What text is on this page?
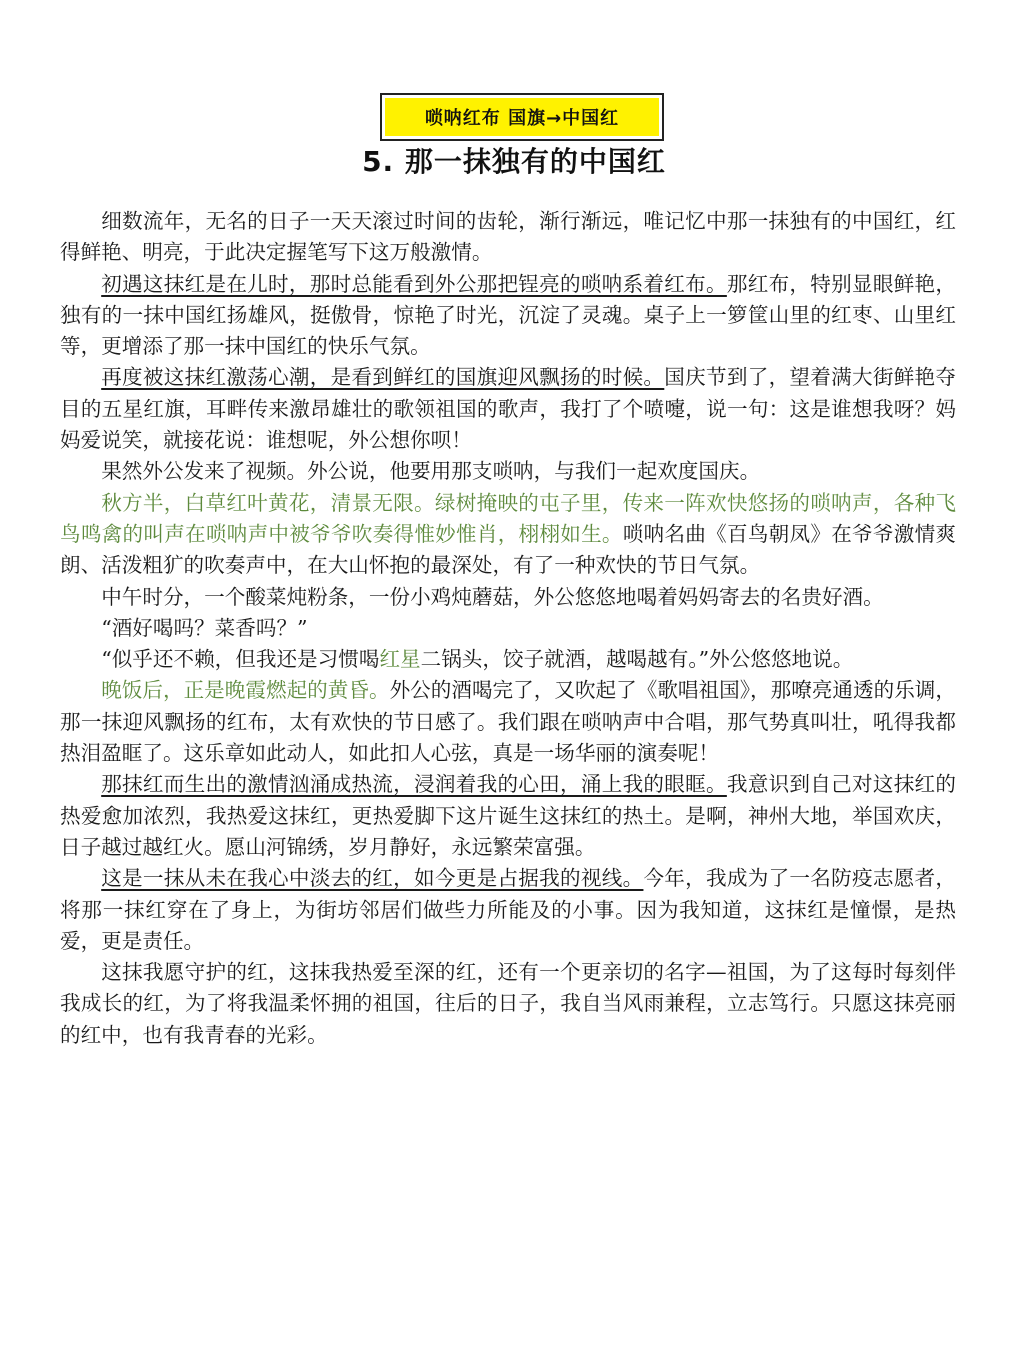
唢呐红布 国旗→中国红
5. 那一抹独有的中国红

细数流年，无名的日子一天天滚过时间的齿轮，渐行渐远，唯记忆中那一抹独有的中国红，红得鲜艳、明亮，于此决定握笔写下这万般激情。

初遇这抹红是在儿时，那时总能看到外公那把锃亮的唢呐系着红布。那红布，特别显眼鲜艳，独有的一抹中国红扬雄风，挺傲骨，惊艳了时光，沉淀了灵魂。桌子上一箩筐山里的红枣、山里红等，更增添了那一抹中国红的快乐气氛。

再度被这抹红激荡心潮，是看到鲜红的国旗迎风飘扬的时候。国庆节到了，望着满大街鲜艳夺目的五星红旗，耳畔传来激昂雄壮的歌领祖国的歌声，我打了个喷嚏，说一句：这是谁想我呀？妈妈爱说笑，就接花说：谁想呢，外公想你呗！

果然外公发来了视频。外公说，他要用那支唢呐，与我们一起欢度国庆。

秋方半，白草红叶黄花，清景无限。绿树掩映的屯子里，传来一阵欢快悠扬的唢呐声，各种飞鸟鸣禽的叫声在唢呐声中被爷爷吹奏得惟妙惟肖，栩栩如生。唢呐名曲《百鸟朝凤》在爷爷激情爽朗、活泼粗犷的吹奏声中，在大山怀抱的最深处，有了一种欢快的节日气氛。

中午时分，一个酸菜炖粉条，一份小鸡炖蘑菇，外公悠悠地喝着妈妈寄去的名贵好酒。

“酒好喝吗？菜香吗？”

“似乎还不赖，但我还是习惯喝红星二锅头，饺子就酒，越喝越有。”外公悠悠地说。

晚饭后，正是晚霞燃起的黄昏。外公的酒喝完了，又吹起了《歌唱祖国》，那嘹亮通透的乐调，那一抹迎风飘扬的红布，太有欢快的节日感了。我们跟在唢呐声中合唱，那气势真叫壮，吼得我都热泪盈眶了。这乐章如此动人，如此扣人心弦，真是一场华丽的演奏呢！

那抹红而生出的激情汹涌成热流，浸润着我的心田，涌上我的眼眶。我意识到自己对这抹红的热爱愈加浓烈，我热爱这抹红，更热爱脚下这片诞生这抹红的热土。是啊，神州大地，举国欢庆，日子越过越红火。愿山河锦绣，岁月静好，永远繁荣富强。

这是一抹从未在我心中淡去的红，如今更是占据我的视线。今年，我成为了一名防疫志愿者，将那一抹红穿在了身上，为街坊邻居们做些力所能及的小事。因为我知道，这抹红是憧憬，是热爱，更是责任。

这抹我愿守护的红，这抹我热爱至深的红，还有一个更亲切的名字—祖国，为了这每时每刻伴我成长的红，为了将我温柔怀拥的祖国，往后的日子，我自当风雨兼程，立志笃行。只愿这抹亮丽的红中，也有我青春的光彩。
